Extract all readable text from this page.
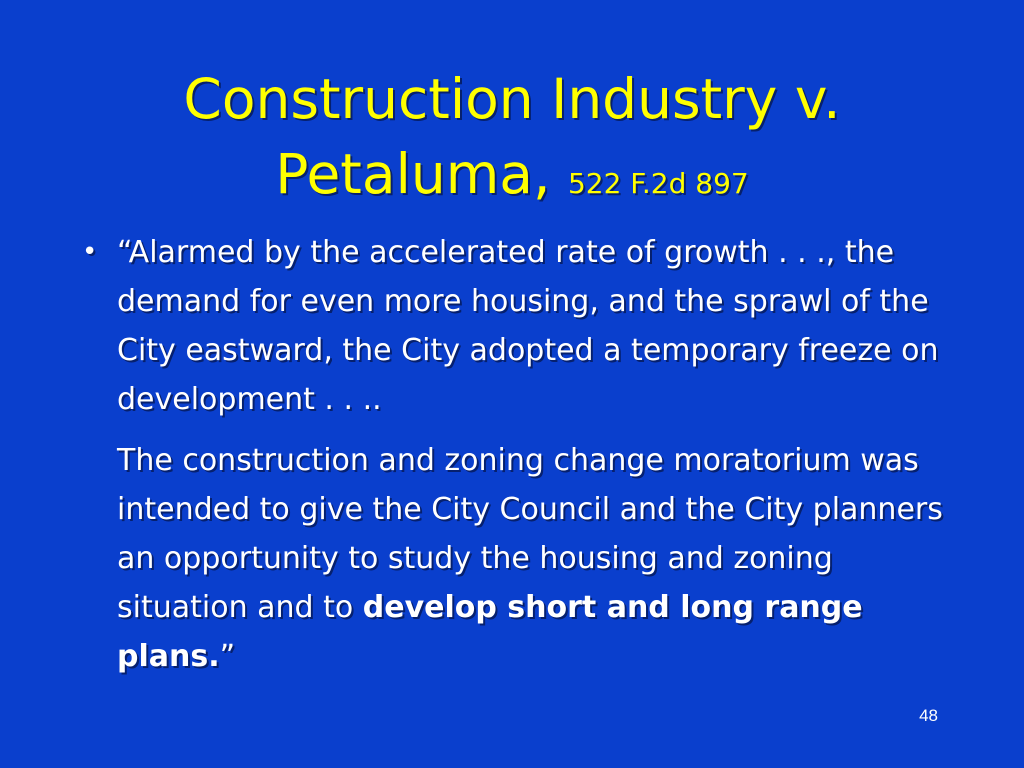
Construction Industry v.
Petaluma, 522 F.2d 897
• “Alarmed by the accelerated rate of growth . . ., the demand for even more housing, and the sprawl of the City eastward, the City adopted a temporary freeze on development . . ..

The construction and zoning change moratorium was intended to give the City Council and the City planners an opportunity to study the housing and zoning situation and to develop short and long range plans.”

48
